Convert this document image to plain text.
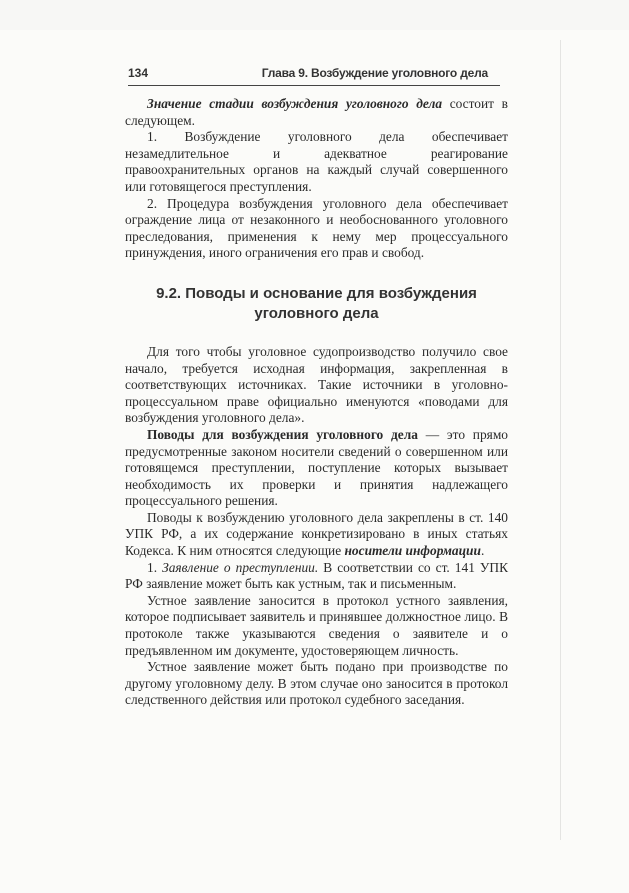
134	Глава 9. Возбуждение уголовного дела

Значение стадии возбуждения уголовного дела состоит в следующем.

1. Возбуждение уголовного дела обеспечивает незамедлительное и адекватное реагирование правоохранительных органов на каждый случай совершенного или готовящегося преступления.

2. Процедура возбуждения уголовного дела обеспечивает ограждение лица от незаконного и необоснованного уголовного преследования, применения к нему мер процессуального принуждения, иного ограничения его прав и свобод.

9.2. Поводы и основание для возбуждения уголовного дела

Для того чтобы уголовное судопроизводство получило свое начало, требуется исходная информация, закрепленная в соответствующих источниках. Такие источники в уголовно-процессуальном праве официально именуются «поводами для возбуждения уголовного дела».

Поводы для возбуждения уголовного дела — это прямо предусмотренные законом носители сведений о совершенном или готовящемся преступлении, поступление которых вызывает необходимость их проверки и принятия надлежащего процессуального решения.

Поводы к возбуждению уголовного дела закреплены в ст. 140 УПК РФ, а их содержание конкретизировано в иных статьях Кодекса. К ним относятся следующие носители информации.

1. Заявление о преступлении. В соответствии со ст. 141 УПК РФ заявление может быть как устным, так и письменным.

Устное заявление заносится в протокол устного заявления, которое подписывает заявитель и принявшее должностное лицо. В протоколе также указываются сведения о заявителе и о предъявленном им документе, удостоверяющем личность.

Устное заявление может быть подано при производстве по другому уголовному делу. В этом случае оно заносится в протокол следственного действия или протокол судебного заседания.
